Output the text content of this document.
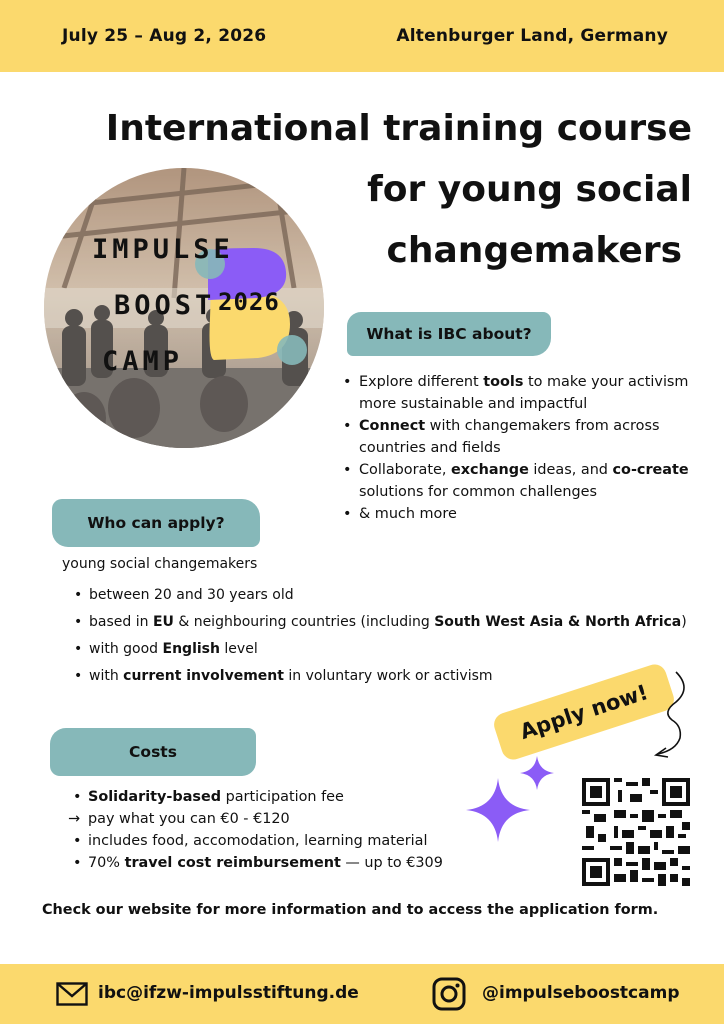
July 25 – Aug 2, 2026	Altenburger Land, Germany
International training course
for young social
changemakers
IMPULSE
BOOST
CAMP
2026
What is IBC about?
• Explore different tools to make your activism more sustainable and impactful
• Connect with changemakers from across countries and fields
• Collaborate, exchange ideas, and co-create solutions for common challenges
• & much more
Who can apply?
young social changemakers
• between 20 and 30 years old
• based in EU & neighbouring countries (including South West Asia & North Africa)
• with good English level
• with current involvement in voluntary work or activism
Costs
• Solidarity-based participation fee
→ pay what you can €0 - €120
• includes food, accomodation, learning material
• 70% travel cost reimbursement — up to €309
Apply now!
Check our website for more information and to access the application form.
ibc@ifzw-impulsstiftung.de	@impulseboostcamp
